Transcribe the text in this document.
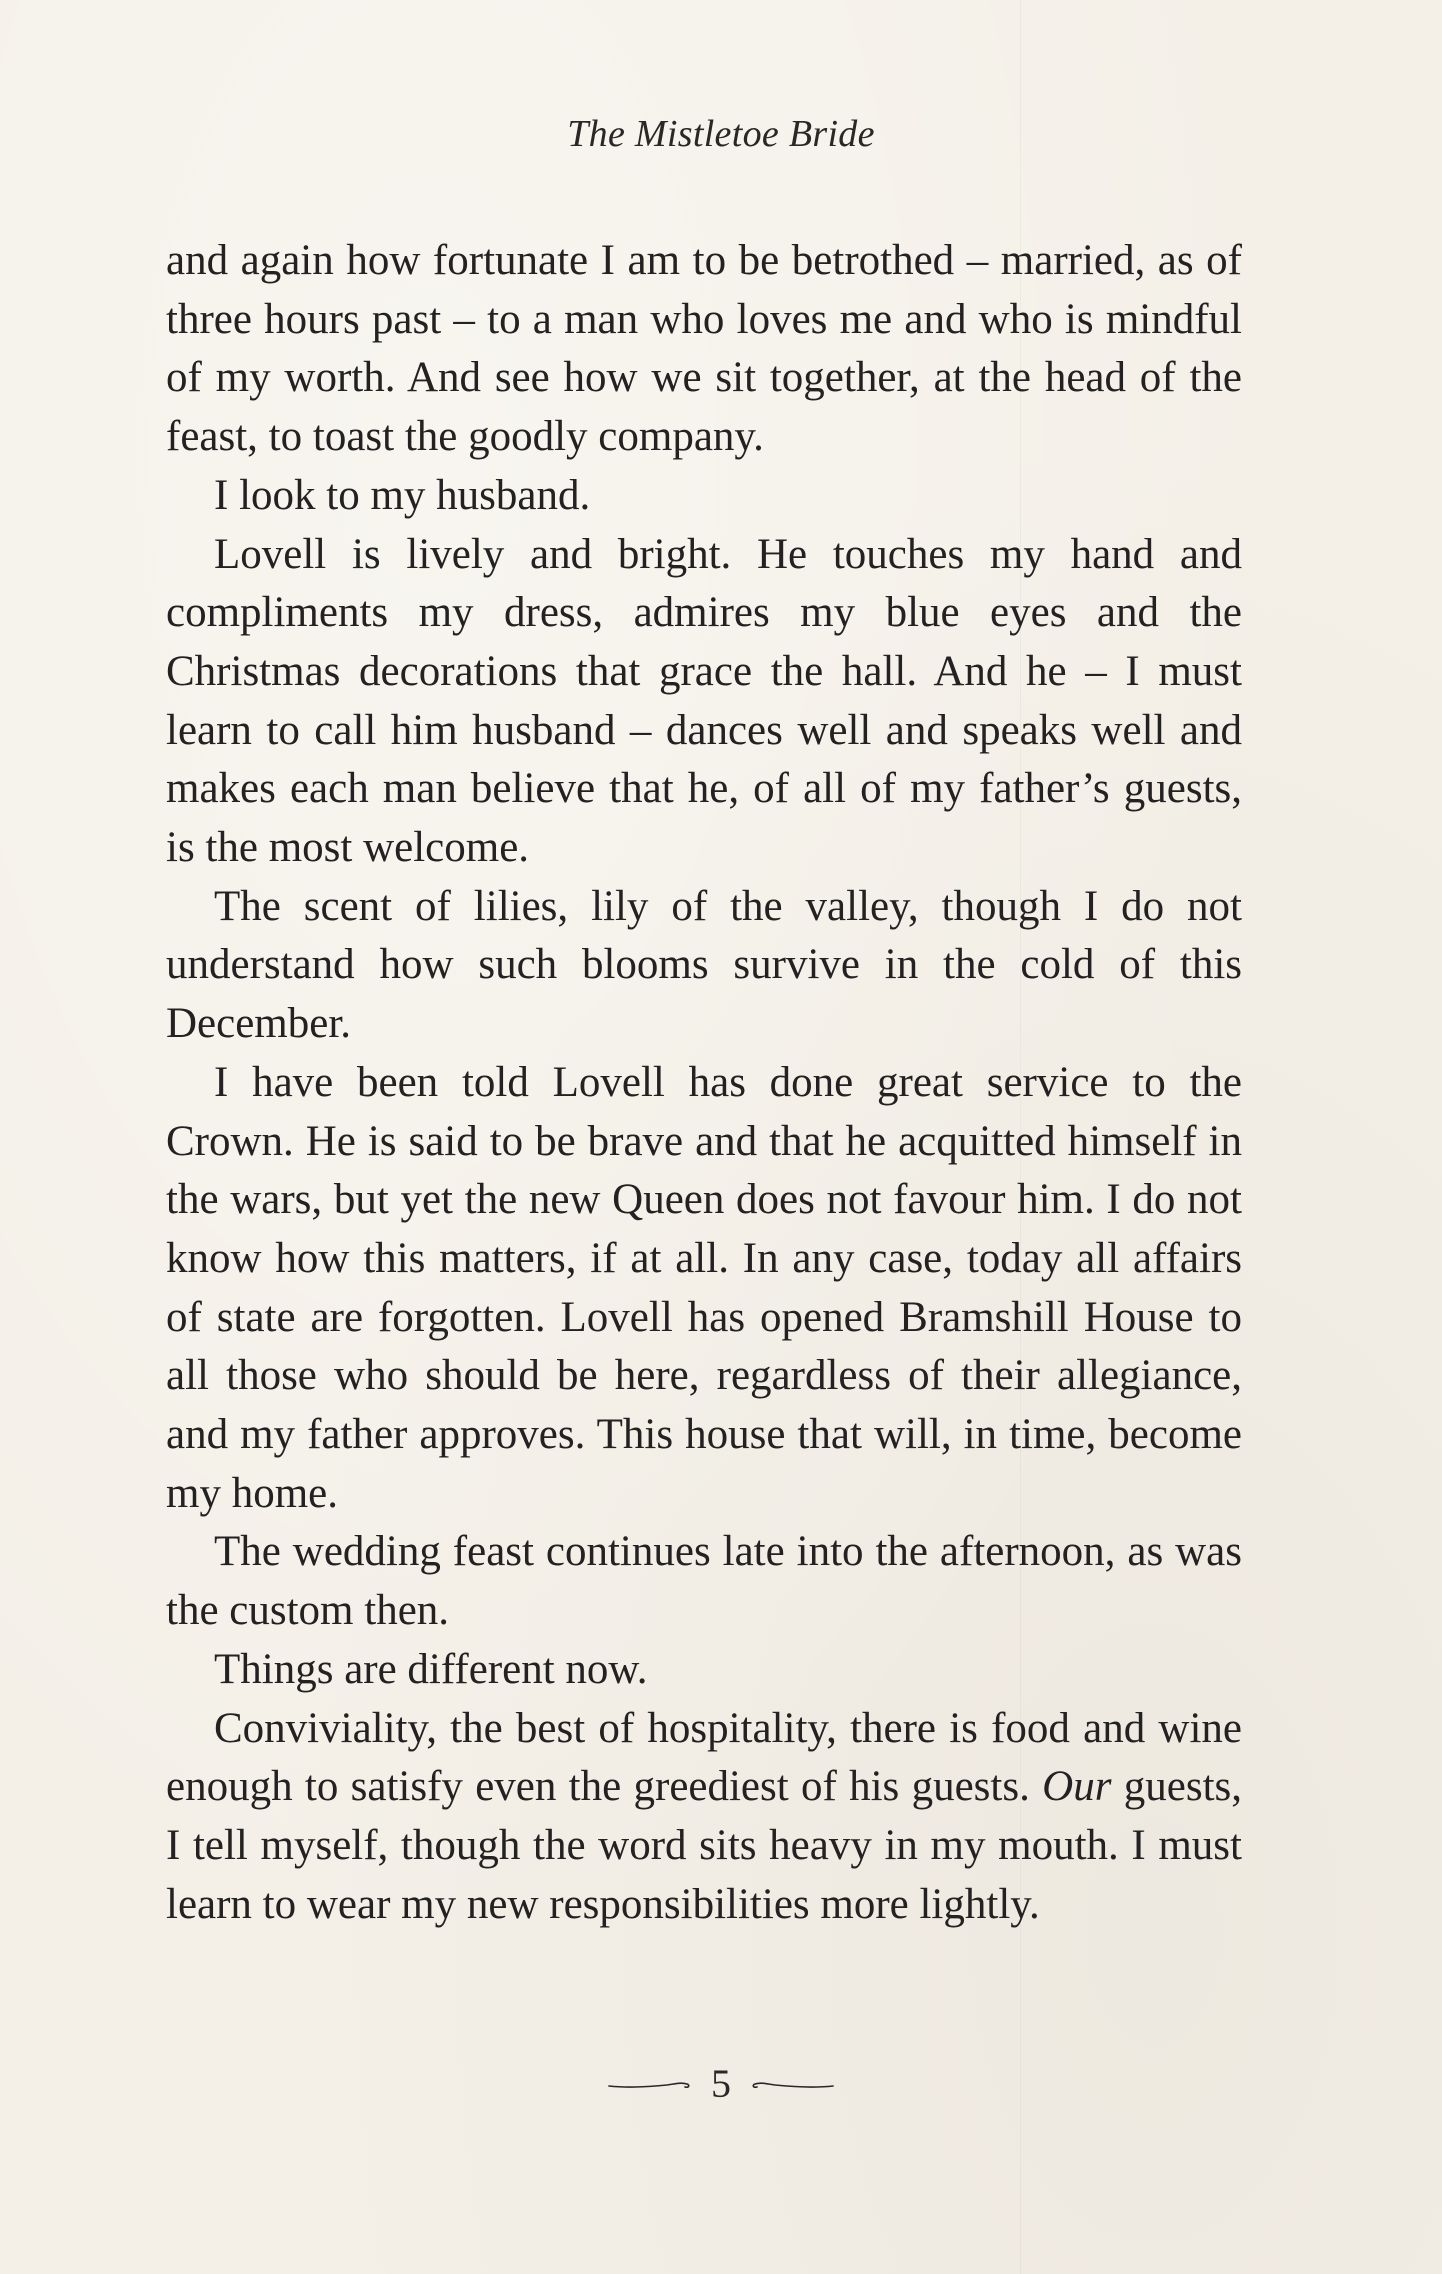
The Mistletoe Bride

and again how fortunate I am to be betrothed – married, as of three hours past – to a man who loves me and who is mindful of my worth. And see how we sit together, at the head of the feast, to toast the goodly company.

I look to my husband.

Lovell is lively and bright. He touches my hand and compliments my dress, admires my blue eyes and the Christmas decorations that grace the hall. And he – I must learn to call him husband – dances well and speaks well and makes each man believe that he, of all of my father’s guests, is the most welcome.

The scent of lilies, lily of the valley, though I do not understand how such blooms survive in the cold of this December.

I have been told Lovell has done great service to the Crown. He is said to be brave and that he acquitted himself in the wars, but yet the new Queen does not favour him. I do not know how this matters, if at all. In any case, today all affairs of state are forgotten. Lovell has opened Bramshill House to all those who should be here, regardless of their allegiance, and my father approves. This house that will, in time, become my home.

The wedding feast continues late into the afternoon, as was the custom then.

Things are different now.

Conviviality, the best of hospitality, there is food and wine enough to satisfy even the greediest of his guests. Our guests, I tell myself, though the word sits heavy in my mouth. I must learn to wear my new responsibilities more lightly.

5
